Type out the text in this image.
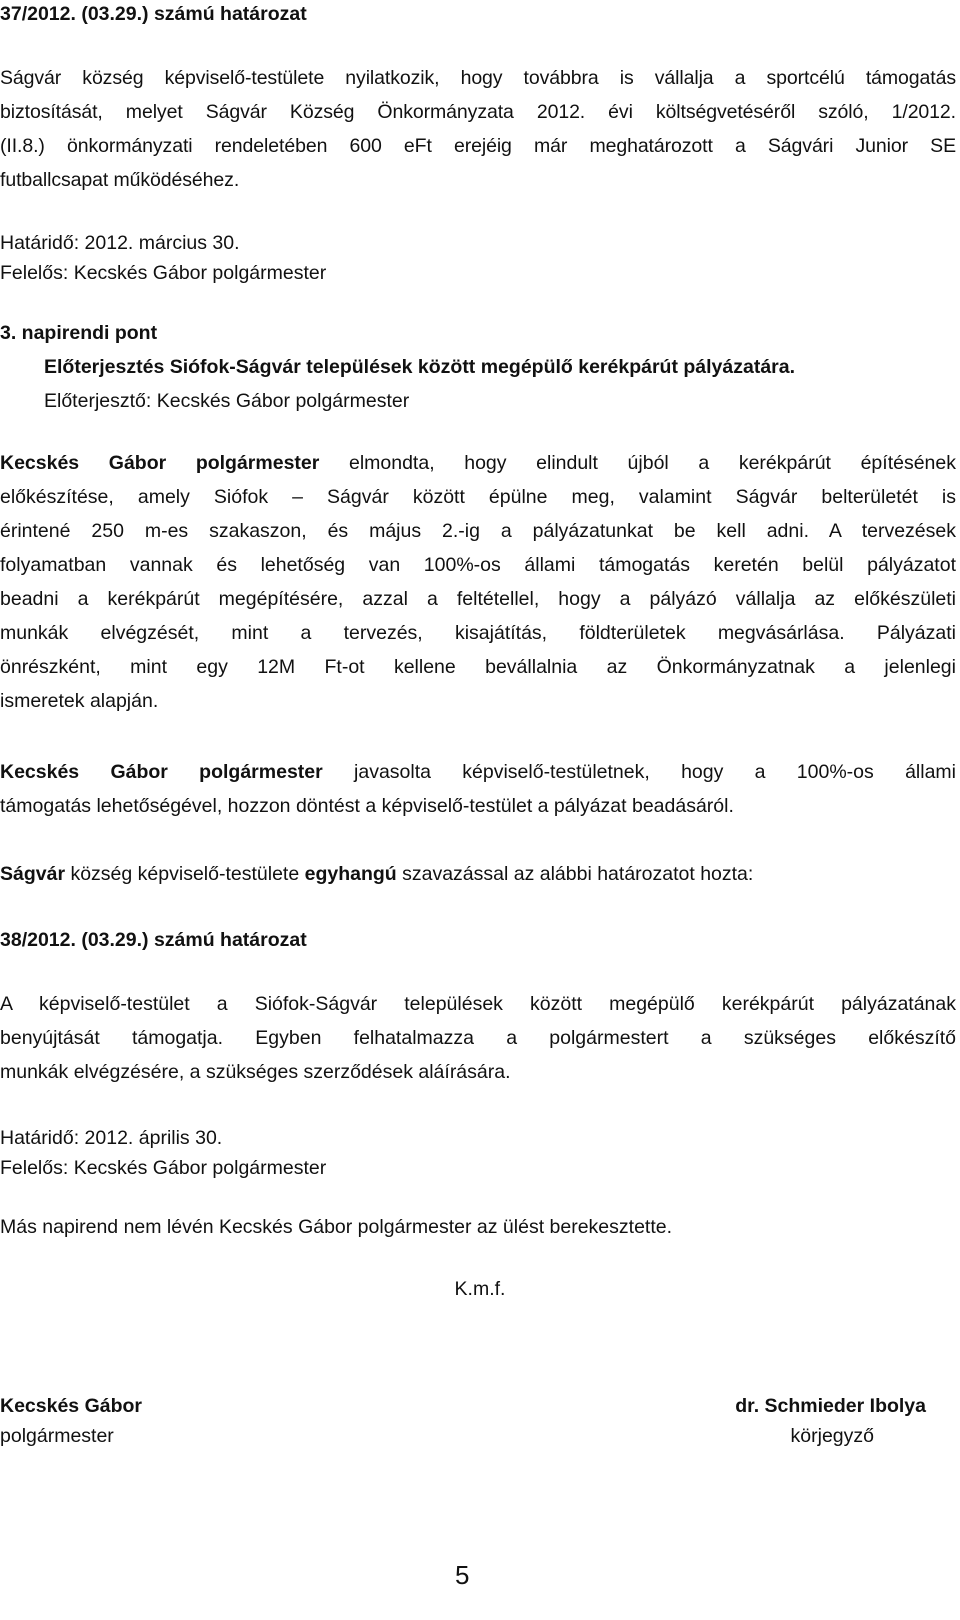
37/2012. (03.29.) számú határozat
Ságvár község képviselő-testülete nyilatkozik, hogy továbbra is vállalja a sportcélú támogatás
biztosítását, melyet Ságvár Község Önkormányzata 2012. évi költségvetéséről szóló, 1/2012.
(II.8.) önkormányzati rendeletében 600 eFt erejéig már meghatározott a Ságvári Junior SE
futballcsapat működéséhez.
Határidő: 2012. március 30.
Felelős: Kecskés Gábor polgármester
3. napirendi pont
Előterjesztés Siófok-Ságvár települések között megépülő kerékpárút pályázatára.
Előterjesztő: Kecskés Gábor polgármester
Kecskés Gábor polgármester elmondta, hogy elindult újból a kerékpárút építésének
előkészítése, amely Siófok – Ságvár között épülne meg, valamint Ságvár belterületét is
érintené 250 m-es szakaszon, és május 2.-ig a pályázatunkat be kell adni. A tervezések
folyamatban vannak és lehetőség van 100%-os állami támogatás keretén belül pályázatot
beadni a kerékpárút megépítésére, azzal a feltétellel, hogy a pályázó vállalja az előkészületi
munkák elvégzését, mint a tervezés, kisajátítás, földterületek megvásárlása. Pályázati
önrészként, mint egy 12M Ft-ot kellene bevállalnia az Önkormányzatnak a jelenlegi
ismeretek alapján.
Kecskés Gábor polgármester javasolta képviselő-testületnek, hogy a 100%-os állami
támogatás lehetőségével, hozzon döntést a képviselő-testület a pályázat beadásáról.
Ságvár község képviselő-testülete egyhangú szavazással az alábbi határozatot hozta:
38/2012. (03.29.) számú határozat
A képviselő-testület a Siófok-Ságvár települések között megépülő kerékpárút pályázatának
benyújtását támogatja. Egyben felhatalmazza a polgármestert a szükséges előkészítő
munkák elvégzésére, a szükséges szerződések aláírására.
Határidő: 2012. április 30.
Felelős: Kecskés Gábor polgármester
Más napirend nem lévén Kecskés Gábor polgármester az ülést berekesztette.
K.m.f.
Kecskés Gábor
polgármester
dr. Schmieder Ibolya
körjegyző
5
